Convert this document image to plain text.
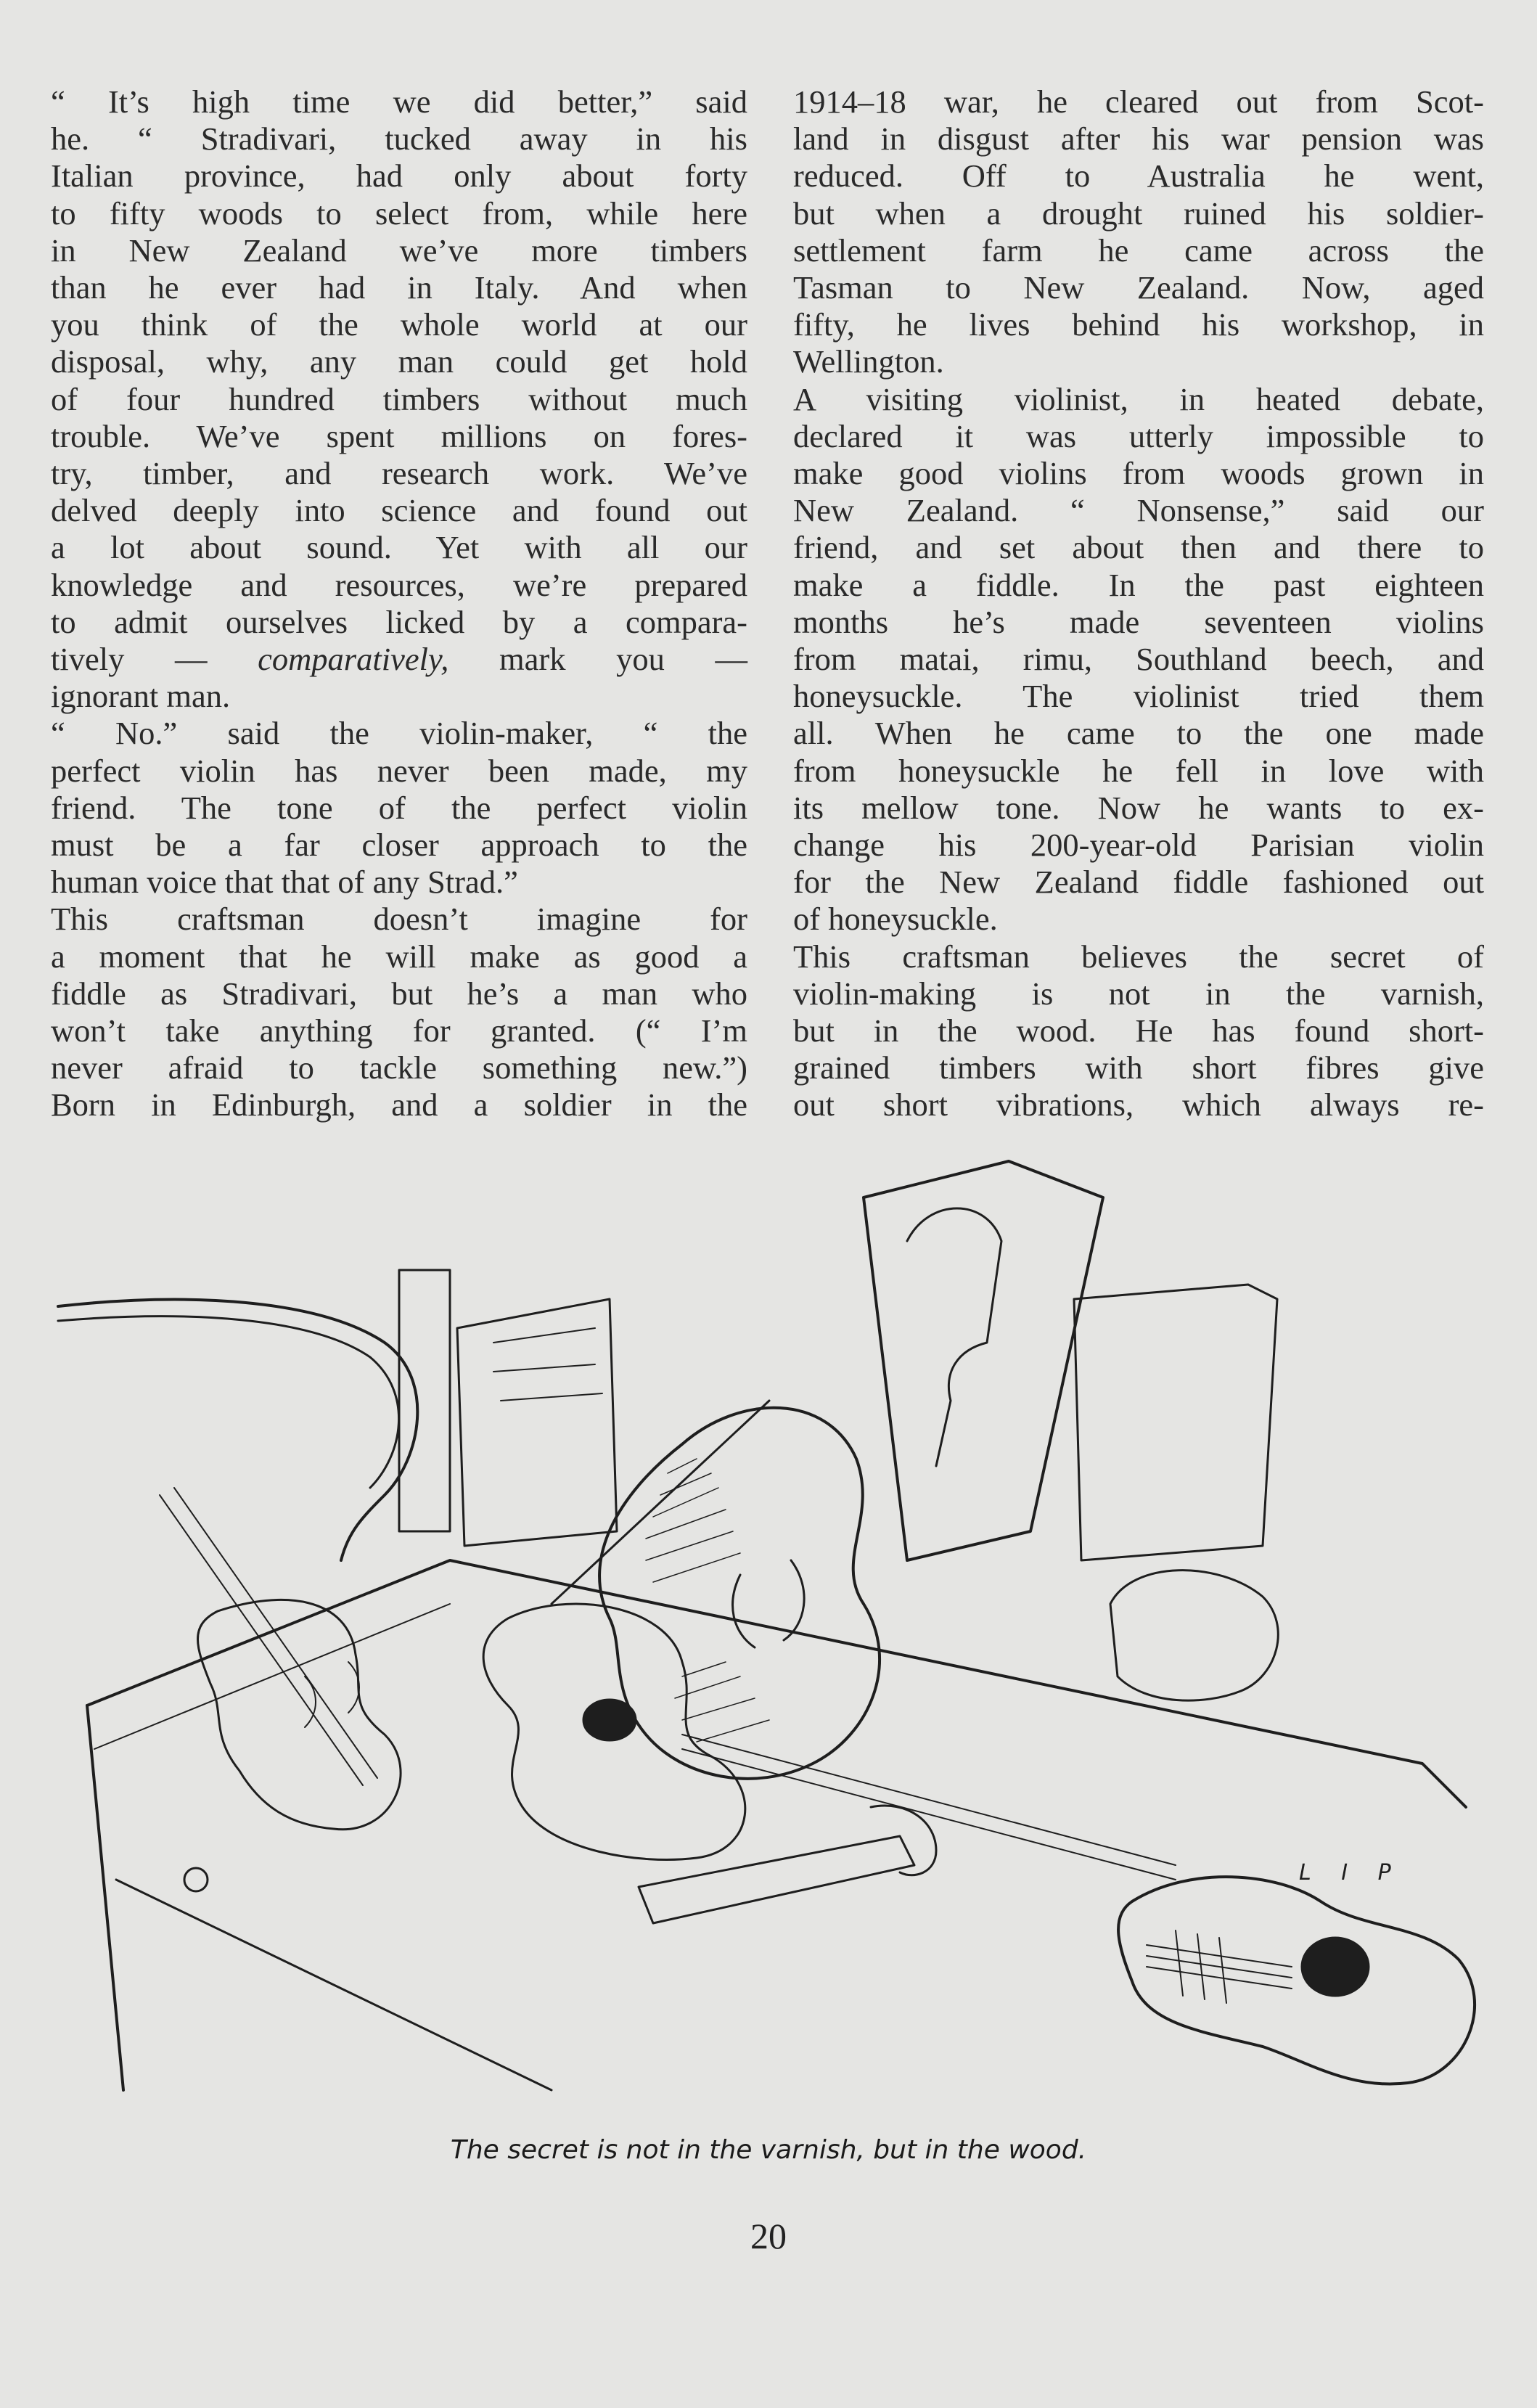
“ It’s high time we did better,” said
he. “ Stradivari, tucked away in his
Italian province, had only about forty
to fifty woods to select from, while here
in New Zealand we’ve more timbers
than he ever had in Italy. And when
you think of the whole world at our
disposal, why, any man could get hold
of four hundred timbers without much
trouble. We’ve spent millions on fores-
try, timber, and research work. We’ve
delved deeply into science and found out
a lot about sound. Yet with all our
knowledge and resources, we’re prepared
to admit ourselves licked by a compara-
tively — comparatively, mark you —
ignorant man.
“ No.” said the violin-maker, “ the
perfect violin has never been made, my
friend. The tone of the perfect violin
must be a far closer approach to the
human voice that that of any Strad.”
This craftsman doesn’t imagine for
a moment that he will make as good a
fiddle as Stradivari, but he’s a man who
won’t take anything for granted. (“ I’m
never afraid to tackle something new.”)
Born in Edinburgh, and a soldier in the
1914–18 war, he cleared out from Scot-
land in disgust after his war pension was
reduced. Off to Australia he went,
but when a drought ruined his soldier-
settlement farm he came across the
Tasman to New Zealand. Now, aged
fifty, he lives behind his workshop, in
Wellington.
A visiting violinist, in heated debate,
declared it was utterly impossible to
make good violins from woods grown in
New Zealand. “ Nonsense,” said our
friend, and set about then and there to
make a fiddle. In the past eighteen
months he’s made seventeen violins
from matai, rimu, Southland beech, and
honeysuckle. The violinist tried them
all. When he came to the one made
from honeysuckle he fell in love with
its mellow tone. Now he wants to ex-
change his 200-year-old Parisian violin
for the New Zealand fiddle fashioned out
of honeysuckle.
This craftsman believes the secret of
violin-making is not in the varnish,
but in the wood. He has found short-
grained timbers with short fibres give
out short vibrations, which always re-
L I P
The secret is not in the varnish, but in the wood.
20
